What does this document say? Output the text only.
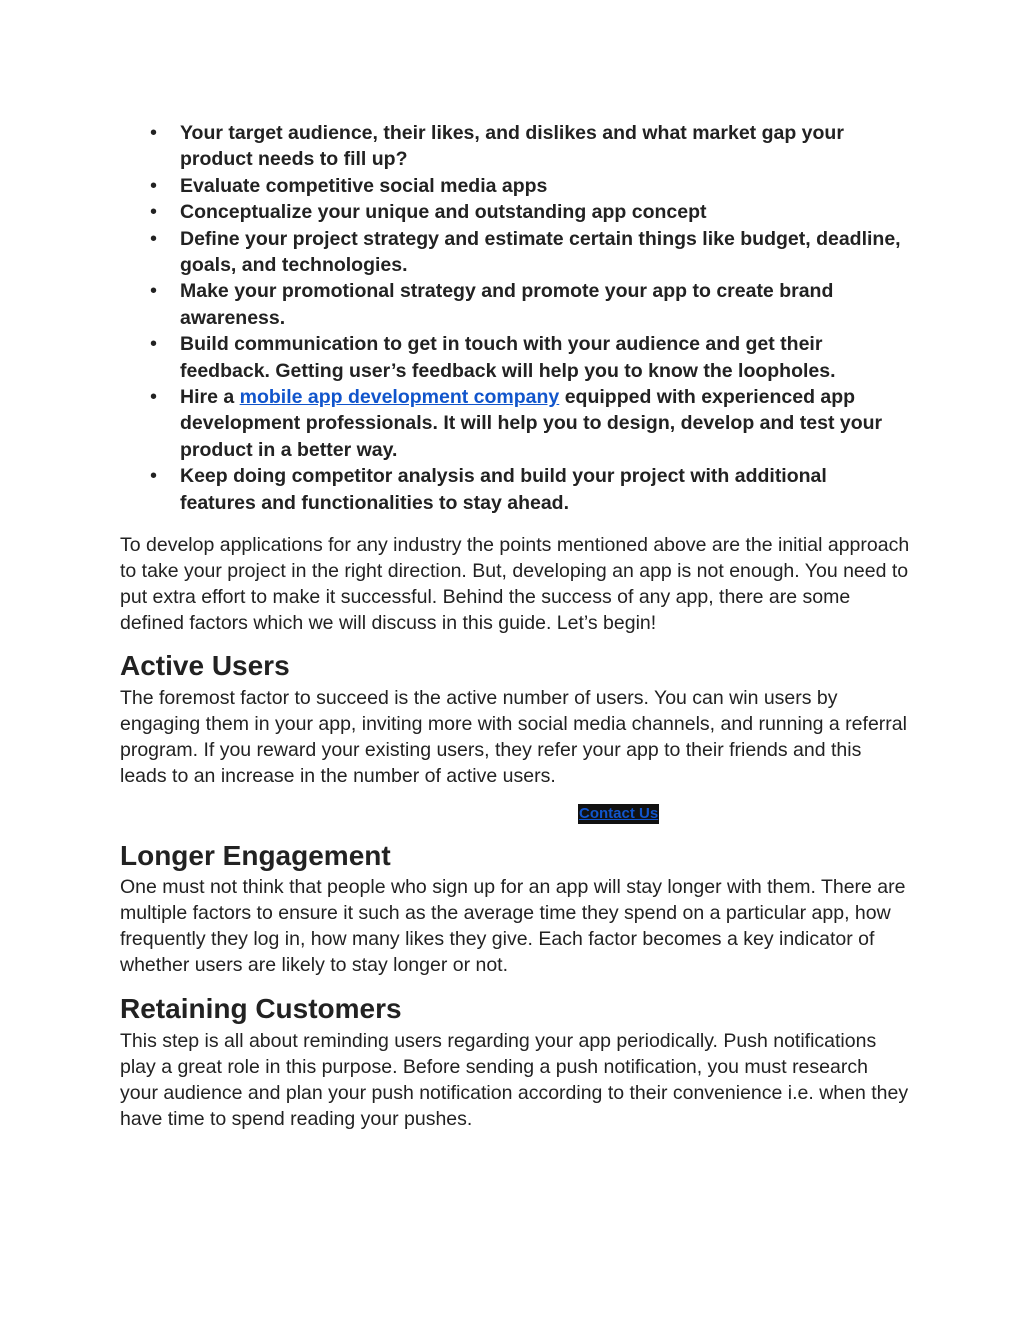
• Your target audience, their likes, and dislikes and what market gap your product needs to fill up?
• Evaluate competitive social media apps
• Conceptualize your unique and outstanding app concept
• Define your project strategy and estimate certain things like budget, deadline, goals, and technologies.
• Make your promotional strategy and promote your app to create brand awareness.
• Build communication to get in touch with your audience and get their feedback. Getting user’s feedback will help you to know the loopholes.
• Hire a mobile app development company equipped with experienced app development professionals. It will help you to design, develop and test your product in a better way.
• Keep doing competitor analysis and build your project with additional features and functionalities to stay ahead.

To develop applications for any industry the points mentioned above are the initial approach to take your project in the right direction. But, developing an app is not enough. You need to put extra effort to make it successful. Behind the success of any app, there are some defined factors which we will discuss in this guide. Let’s begin!

Active Users

The foremost factor to succeed is the active number of users. You can win users by engaging them in your app, inviting more with social media channels, and running a referral program. If you reward your existing users, they refer your app to their friends and this leads to an increase in the number of active users.

Contact Us
Longer Engagement

One must not think that people who sign up for an app will stay longer with them. There are multiple factors to ensure it such as the average time they spend on a particular app, how frequently they log in, how many likes they give. Each factor becomes a key indicator of whether users are likely to stay longer or not.

Retaining Customers

This step is all about reminding users regarding your app periodically. Push notifications play a great role in this purpose. Before sending a push notification, you must research your audience and plan your push notification according to their convenience i.e. when they have time to spend reading your pushes.
